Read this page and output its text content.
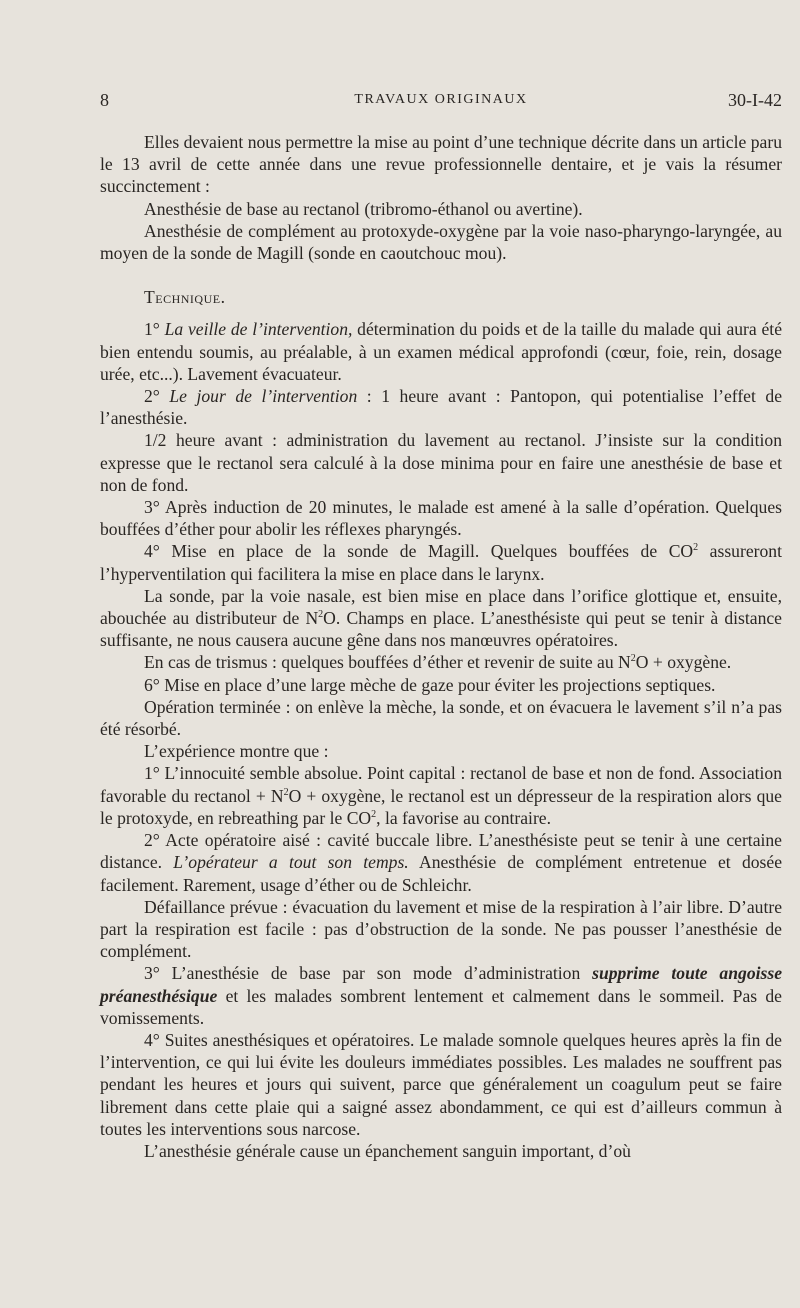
8	TRAVAUX ORIGINAUX	30-I-42

Elles devaient nous permettre la mise au point d’une technique décrite dans un article paru le 13 avril de cette année dans une revue professionnelle dentaire, et je vais la résumer succinctement :

Anesthésie de base au rectanol (tribromo-éthanol ou avertine).

Anesthésie de complément au protoxyde-oxygène par la voie naso-pharyngo-laryngée, au moyen de la sonde de Magill (sonde en caoutchouc mou).

Technique.

1° La veille de l’intervention, détermination du poids et de la taille du malade qui aura été bien entendu soumis, au préalable, à un examen médical approfondi (cœur, foie, rein, dosage urée, etc...). Lavement évacuateur.

2° Le jour de l’intervention : 1 heure avant : Pantopon, qui potentialise l’effet de l’anesthésie.

1/2 heure avant : administration du lavement au rectanol. J’insiste sur la condition expresse que le rectanol sera calculé à la dose minima pour en faire une anesthésie de base et non de fond.

3° Après induction de 20 minutes, le malade est amené à la salle d’opération. Quelques bouffées d’éther pour abolir les réflexes pharyngés.

4° Mise en place de la sonde de Magill. Quelques bouffées de $CO^2$ assureront l’hyperventilation qui facilitera la mise en place dans le larynx.

La sonde, par la voie nasale, est bien mise en place dans l’orifice glottique et, ensuite, abouchée au distributeur de $N^2O$. Champs en place. L’anesthésiste qui peut se tenir à distance suffisante, ne nous causera aucune gêne dans nos manœuvres opératoires.

En cas de trismus : quelques bouffées d’éther et revenir de suite au $N^2O$ + oxygène.

6° Mise en place d’une large mèche de gaze pour éviter les projections septiques.

Opération terminée : on enlève la mèche, la sonde, et on évacuera le lavement s’il n’a pas été résorbé.

L’expérience montre que :

1° L’innocuité semble absolue. Point capital : rectanol de base et non de fond. Association favorable du rectanol + $N^2O$ + oxygène, le rectanol est un dépresseur de la respiration alors que le protoxyde, en rebreathing par le $CO^2$, la favorise au contraire.

2° Acte opératoire aisé : cavité buccale libre. L’anesthésiste peut se tenir à une certaine distance. L’opérateur a tout son temps. Anesthésie de complément entretenue et dosée facilement. Rarement, usage d’éther ou de Schleichr.

Défaillance prévue : évacuation du lavement et mise de la respiration à l’air libre. D’autre part la respiration est facile : pas d’obstruction de la sonde. Ne pas pousser l’anesthésie de complément.

3° L’anesthésie de base par son mode d’administration supprime toute angoisse préanesthésique et les malades sombrent lentement et calmement dans le sommeil. Pas de vomissements.

4° Suites anesthésiques et opératoires. Le malade somnole quelques heures après la fin de l’intervention, ce qui lui évite les douleurs immédiates possibles. Les malades ne souffrent pas pendant les heures et jours qui suivent, parce que généralement un coagulum peut se faire librement dans cette plaie qui a saigné assez abondamment, ce qui est d’ailleurs commun à toutes les interventions sous narcose.

L’anesthésie générale cause un épanchement sanguin important, d’où
